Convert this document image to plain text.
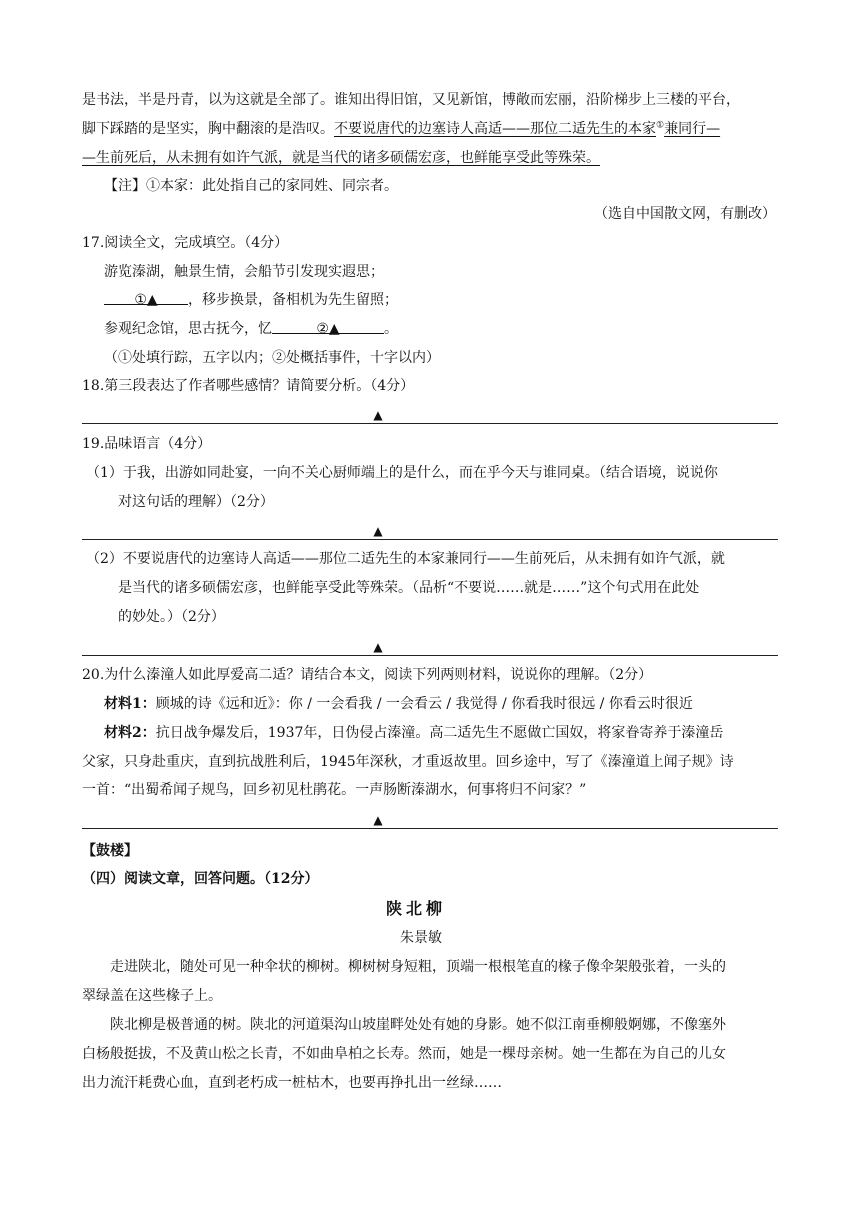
是书法，半是丹青，以为这就是全部了。谁知出得旧馆，又见新馆，博敞而宏丽，沿阶梯步上三楼的平台，
脚下踩踏的是坚实，胸中翻滚的是浩叹。不要说唐代的边塞诗人高适——那位二适先生的本家①兼同行—
—生前死后，从未拥有如许气派，就是当代的诸多硕儒宏彦，也鲜能享受此等殊荣。
【注】①本家：此处指自己的家同姓、同宗者。
（选自中国散文网，有删改）
17.阅读全文，完成填空。（4分）
游览溱湖，触景生情，会船节引发现实遐思；
①▲ ，移步换景，备相机为先生留照；
参观纪念馆，思古抚今，忆	②▲	。
（①处填行踪，五字以内；②处概括事件，十字以内）
18.第三段表达了作者哪些感情？请简要分析。（4分）
▲
19.品味语言（4分）
（1）于我，出游如同赴宴，一向不关心厨师端上的是什么，而在乎今天与谁同桌。（结合语境，说说你
对这句话的理解）（2分）
▲
（2）不要说唐代的边塞诗人高适——那位二适先生的本家兼同行——生前死后，从未拥有如许气派，就
是当代的诸多硕儒宏彦，也鲜能享受此等殊荣。（品析“不要说……就是……”这个句式用在此处
的妙处。）（2分）
▲
20.为什么溱潼人如此厚爱高二适？请结合本文，阅读下列两则材料，说说你的理解。（2分）
材料1：顾城的诗《远和近》：你 / 一会看我 / 一会看云 / 我觉得 / 你看我时很远 / 你看云时很近
材料2：抗日战争爆发后，1937年，日伪侵占溱潼。高二适先生不愿做亡国奴，将家眷寄养于溱潼岳
父家，只身赴重庆，直到抗战胜利后，1945年深秋，才重返故里。回乡途中，写了《溱潼道上闻子规》诗
一首：“出蜀希闻子规鸟，回乡初见杜鹃花。一声肠断溱湖水，何事将归不问家？”
▲
【鼓楼】
（四）阅读文章，回答问题。（12分）
陕北柳
朱景敏
走进陕北，随处可见一种伞状的柳树。柳树树身短粗，顶端一根根笔直的椽子像伞架般张着，一头的
翠绿盖在这些椽子上。
陕北柳是极普通的树。陕北的河道渠沟山坡崖畔处处有她的身影。她不似江南垂柳般婀娜，不像塞外
白杨般挺拔，不及黄山松之长青，不如曲阜柏之长寿。然而，她是一棵母亲树。她一生都在为自己的儿女
出力流汗耗费心血，直到老朽成一桩枯木，也要再挣扎出一丝绿……
